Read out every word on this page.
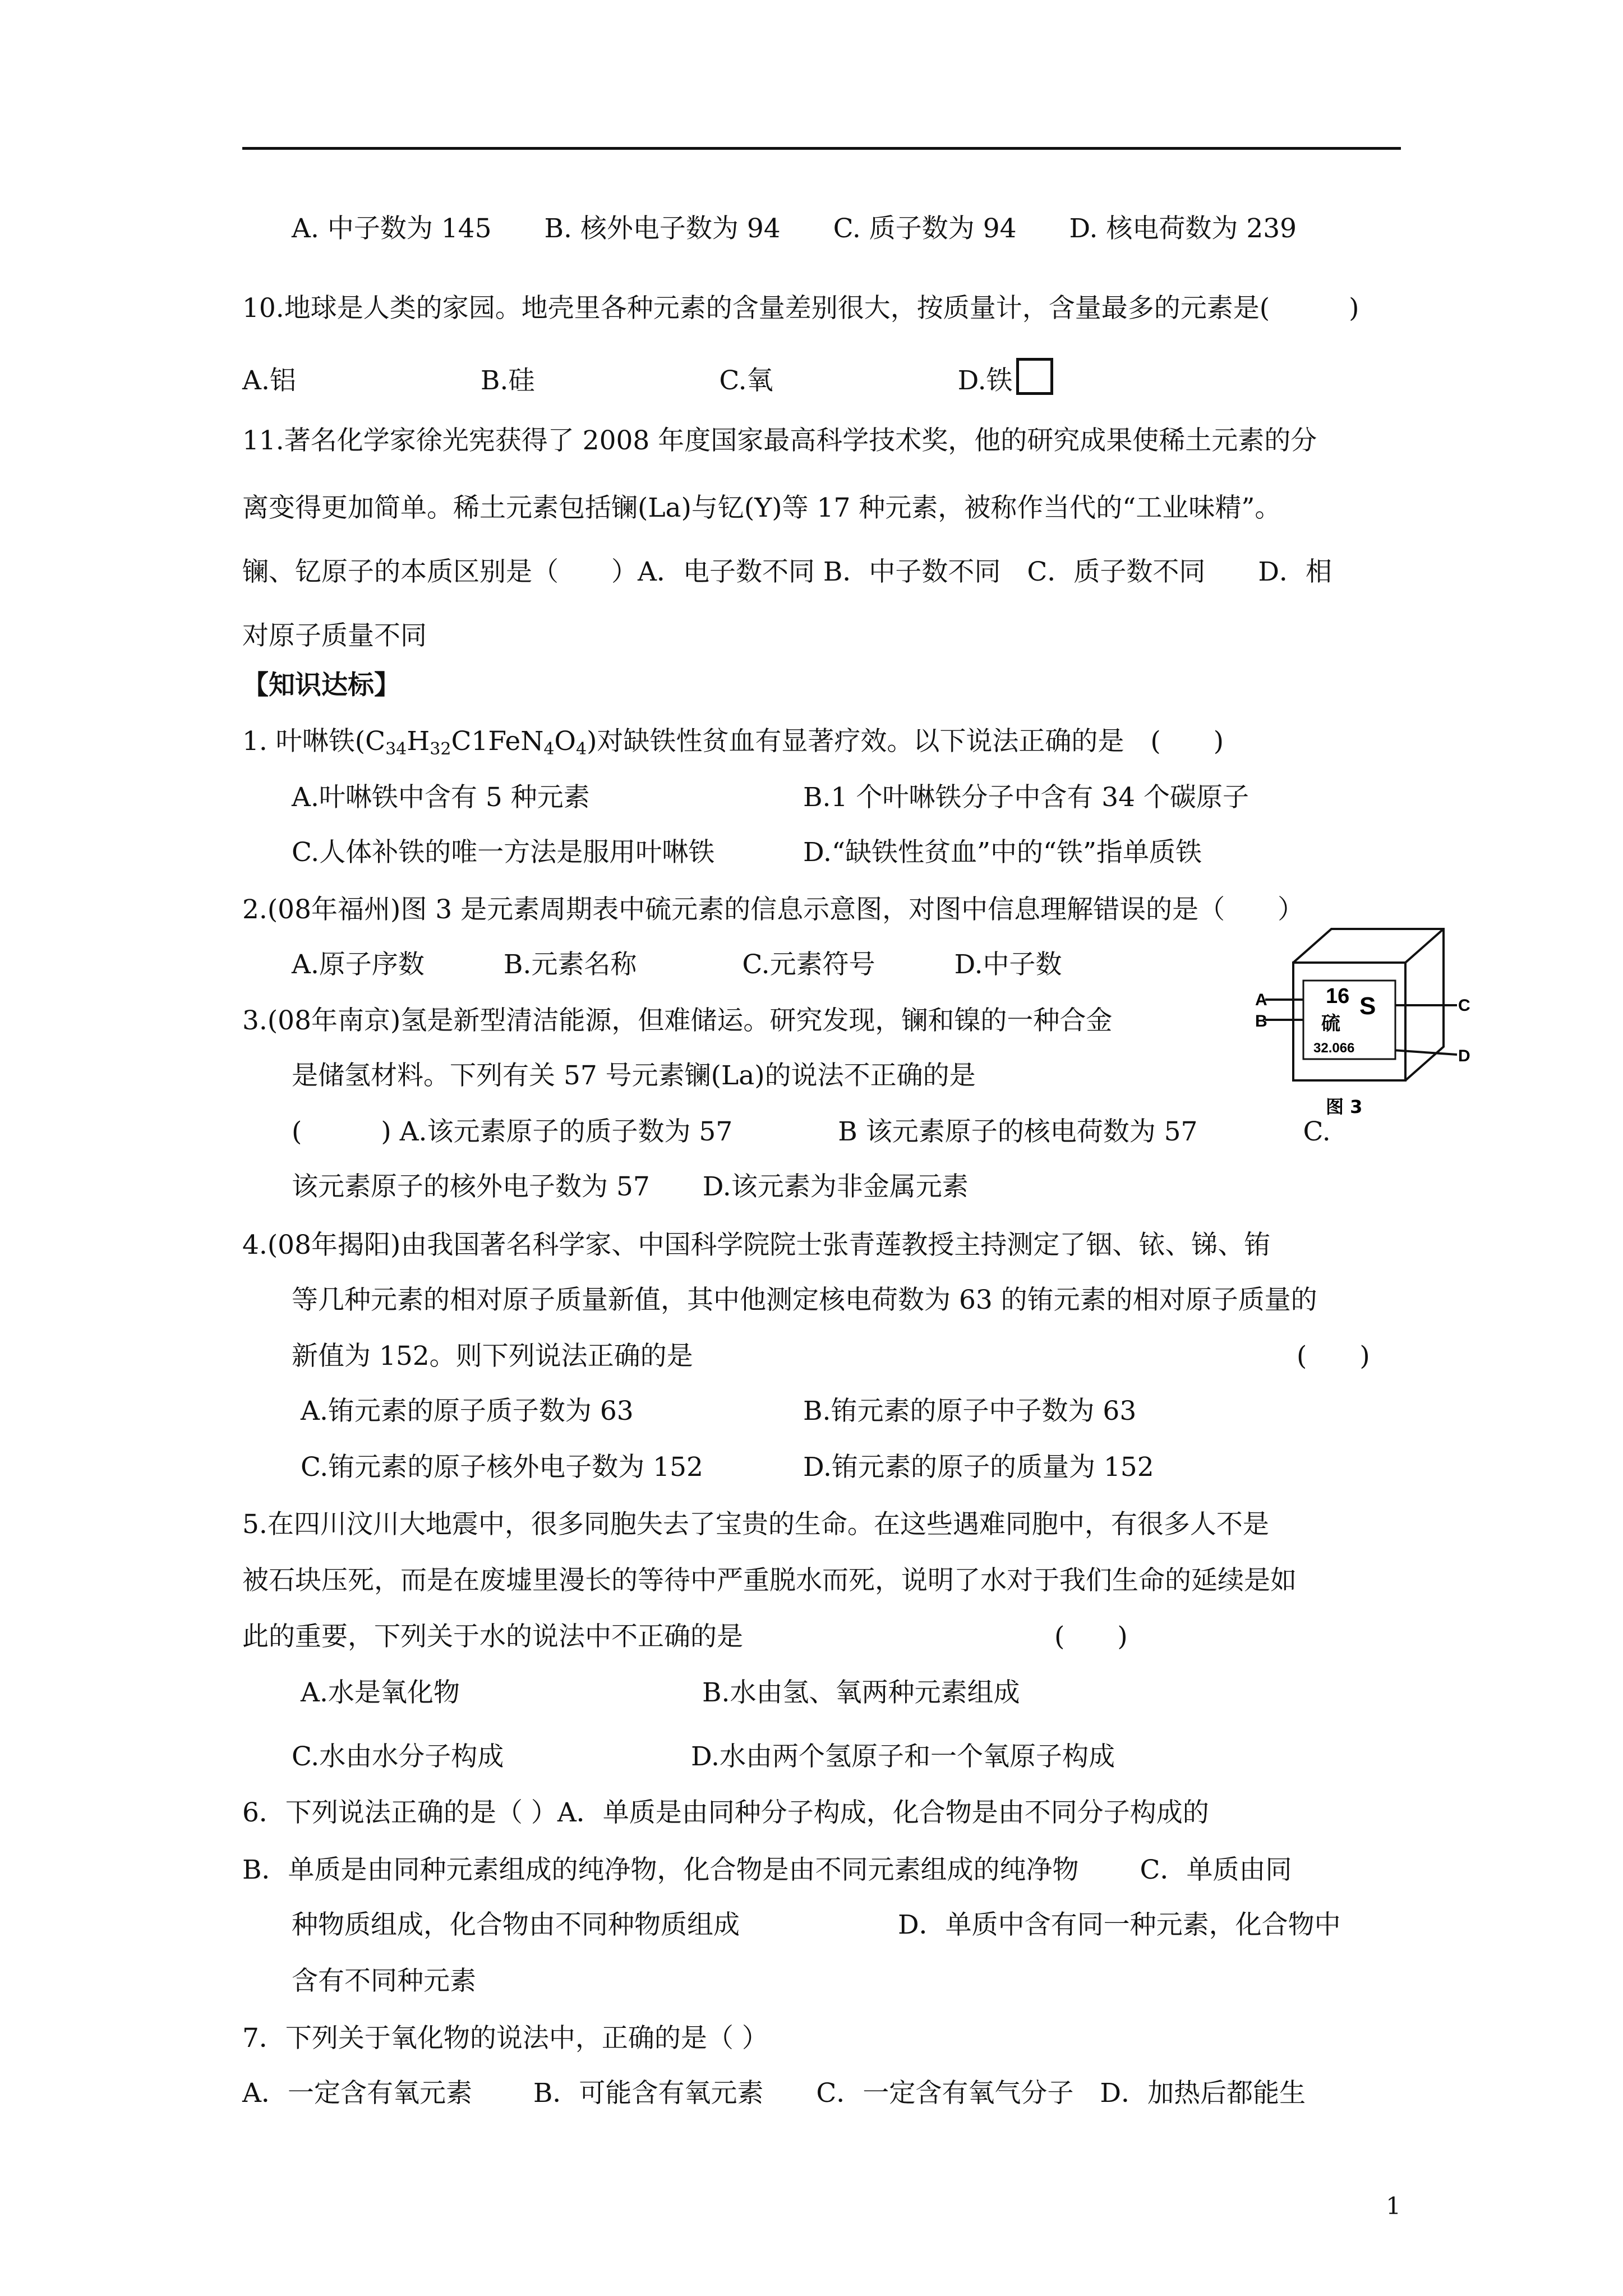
A. 中子数为 145　　B. 核外电子数为 94　　C. 质子数为 94　　D. 核电荷数为 239
10.地球是人类的家园。地壳里各种元素的含量差别很大，按质量计，含量最多的元素是(　　　)
A.铝　　　　　　　B.硅　　　　　　　C.氧　　　　　　　D.铁
11.著名化学家徐光宪获得了 2008 年度国家最高科学技术奖，他的研究成果使稀土元素的分
离变得更加简单。稀土元素包括镧(La)与钇(Y)等 17 种元素，被称作当代的“工业味精”。
镧、钇原子的本质区别是（　　）A．电子数不同 B．中子数不同　C．质子数不同　　D．相
对原子质量不同
【知识达标】
1. 叶啉铁$(C_{34}H_{32}C1FeN_4O_4)$对缺铁性贫血有显著疗效。以下说法正确的是　(　　)
A.叶啉铁中含有 5 种元素	B.1 个叶啉铁分子中含有 34 个碳原子
C.人体补铁的唯一方法是服用叶啉铁	D.“缺铁性贫血”中的“铁”指单质铁
2.(08年福州)图 3 是元素周期表中硫元素的信息示意图，对图中信息理解错误的是（　　）
A.原子序数　　　B.元素名称　　　　C.元素符号　　　D.中子数
3.(08年南京)氢是新型清洁能源，但难储运。研究发现，镧和镍的一种合金
是储氢材料。下列有关 57 号元素镧(La)的说法不正确的是
(　　　) A.该元素原子的质子数为 57　　　　B 该元素原子的核电荷数为 57　　　　C.
该元素原子的核外电子数为 57　　D.该元素为非金属元素
16 S
硫
32.066
A
B
C
D
图 3
4.(08年揭阳)由我国著名科学家、中国科学院院士张青莲教授主持测定了铟、铱、锑、铕
等几种元素的相对原子质量新值，其中他测定核电荷数为 63 的铕元素的相对原子质量的
新值为 152。则下列说法正确的是	(　　)
A.铕元素的原子质子数为 63	B.铕元素的原子中子数为 63
C.铕元素的原子核外电子数为 152	D.铕元素的原子的质量为 152
5.在四川汶川大地震中，很多同胞失去了宝贵的生命。在这些遇难同胞中，有很多人不是
被石块压死，而是在废墟里漫长的等待中严重脱水而死，说明了水对于我们生命的延续是如
此的重要，下列关于水的说法中不正确的是	(　　)
A.水是氧化物	B.水由氢、氧两种元素组成
C.水由水分子构成	D.水由两个氢原子和一个氧原子构成
6．下列说法正确的是（ ）A．单质是由同种分子构成，化合物是由不同分子构成的
B．单质是由同种元素组成的纯净物，化合物是由不同元素组成的纯净物　　 C．单质由同
种物质组成，化合物由不同种物质组成　　　　　　D．单质中含有同一种元素，化合物中
含有不同种元素
7．下列关于氧化物的说法中，正确的是（ ）
A．一定含有氧元素　　 B．可能含有氧元素　　C．一定含有氧气分子　D．加热后都能生
1
